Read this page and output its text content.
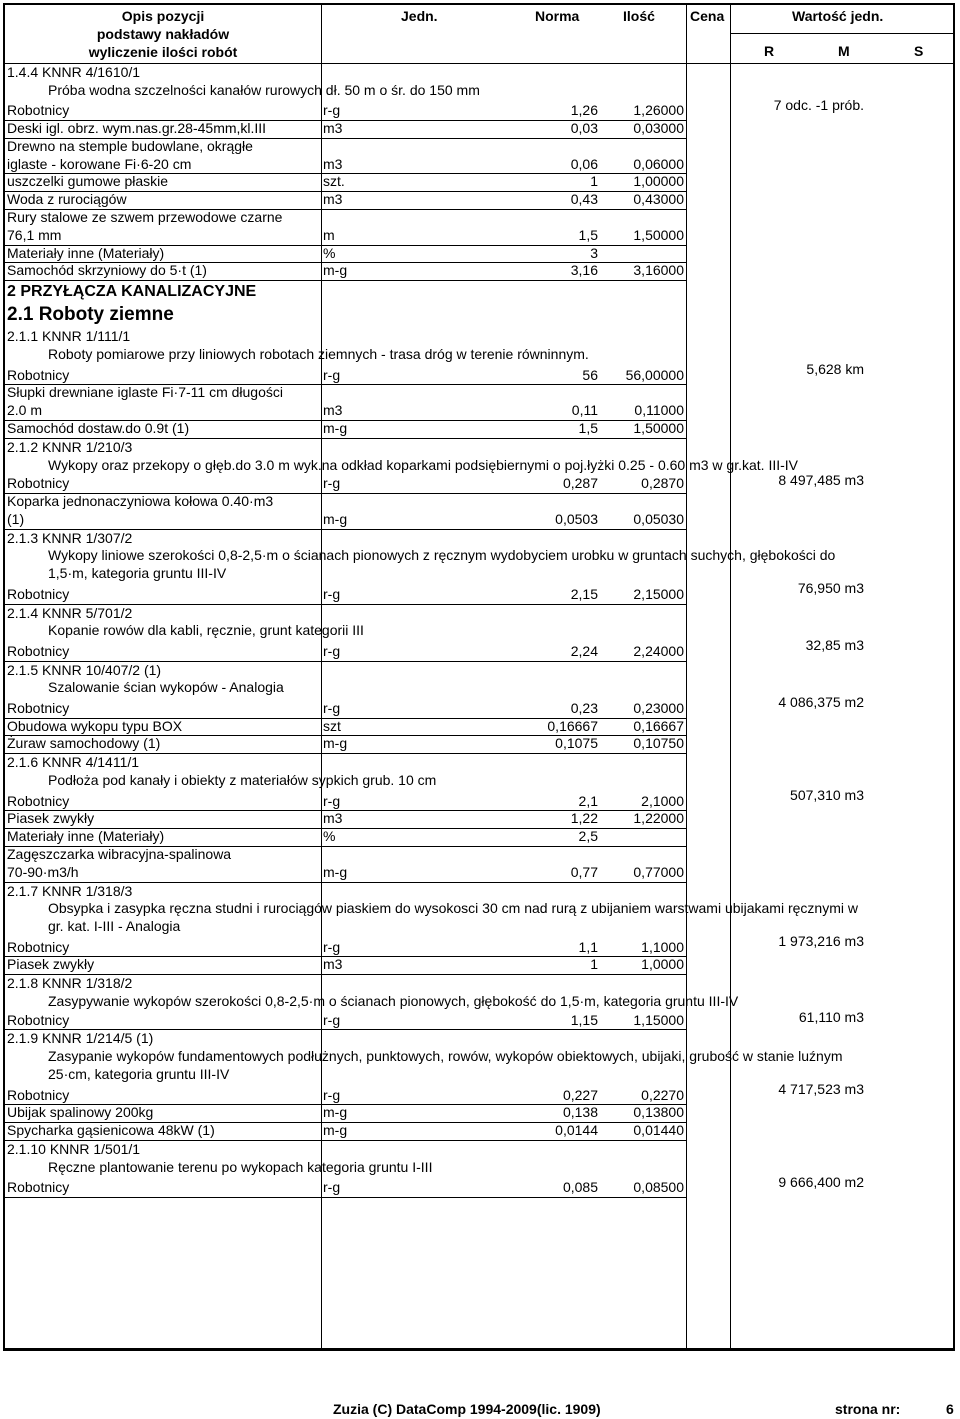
Opis pozycji
podstawy nakładów
wyliczenie ilości robót
Jedn.	Norma	Ilość	Cena	Wartość jedn.
R	M	S
1.4.4 KNNR 4/1610/1
Próba wodna szczelności kanałów rurowych dł. 50 m o śr. do 150 mm
7 odc. -1 prób.
Robotnicy	r-g	1,26	1,26000
Deski igl. obrz. wym.nas.gr.28-45mm,kl.III	m3	0,03	0,03000
Drewno na stemple budowlane, okrągłe
iglaste - korowane Fi·6-20 cm	m3	0,06	0,06000
uszczelki gumowe płaskie	szt.	1	1,00000
Woda z rurociągów	m3	0,43	0,43000
Rury stalowe ze szwem przewodowe czarne
76,1 mm	m	1,5	1,50000
Materiały inne (Materiały)	%	3
Samochód skrzyniowy do 5·t (1)	m-g	3,16	3,16000
2 PRZYŁĄCZA KANALIZACYJNE
2.1 Roboty ziemne
2.1.1 KNNR 1/111/1
Roboty pomiarowe przy liniowych robotach ziemnych - trasa dróg w terenie równinnym.
5,628 km
Robotnicy	r-g	56	56,00000
Słupki drewniane iglaste Fi·7-11 cm długości
2.0 m	m3	0,11	0,11000
Samochód dostaw.do 0.9t (1)	m-g	1,5	1,50000
2.1.2 KNNR 1/210/3
Wykopy oraz przekopy o głęb.do 3.0 m wyk.na odkład koparkami podsiębiernymi o poj.łyżki 0.25 - 0.60 m3 w gr.kat. III-IV
8 497,485 m3
Robotnicy	r-g	0,287	0,2870
Koparka jednonaczyniowa kołowa 0.40·m3
(1)	m-g	0,0503	0,05030
2.1.3 KNNR 1/307/2
Wykopy liniowe szerokości 0,8-2,5·m o ścianach pionowych z ręcznym wydobyciem urobku w gruntach suchych, głębokości do
1,5·m, kategoria gruntu III-IV
76,950 m3
Robotnicy	r-g	2,15	2,15000
2.1.4 KNNR 5/701/2
Kopanie rowów dla kabli, ręcznie, grunt kategorii III
32,85 m3
Robotnicy	r-g	2,24	2,24000
2.1.5 KNNR 10/407/2 (1)
Szalowanie ścian wykopów - Analogia
4 086,375 m2
Robotnicy	r-g	0,23	0,23000
Obudowa wykopu typu BOX	szt	0,16667	0,16667
Żuraw samochodowy (1)	m-g	0,1075	0,10750
2.1.6 KNNR 4/1411/1
Podłoża pod kanały i obiekty z materiałów sypkich grub. 10 cm
507,310 m3
Robotnicy	r-g	2,1	2,1000
Piasek zwykły	m3	1,22	1,22000
Materiały inne (Materiały)	%	2,5
Zagęszczarka wibracyjna-spalinowa
70-90·m3/h	m-g	0,77	0,77000
2.1.7 KNNR 1/318/3
Obsypka i zasypka ręczna studni i rurociągów piaskiem do wysokosci 30 cm nad rurą z ubijaniem warstwami ubijakami ręcznymi w
gr. kat. I-III - Analogia
1 973,216 m3
Robotnicy	r-g	1,1	1,1000
Piasek zwykły	m3	1	1,0000
2.1.8 KNNR 1/318/2
Zasypywanie wykopów szerokości 0,8-2,5·m o ścianach pionowych, głębokość do 1,5·m, kategoria gruntu III-IV
61,110 m3
Robotnicy	r-g	1,15	1,15000
2.1.9 KNNR 1/214/5 (1)
Zasypanie wykopów fundamentowych podłużnych, punktowych, rowów, wykopów obiektowych, ubijaki, grubość w stanie luźnym
25·cm, kategoria gruntu III-IV
4 717,523 m3
Robotnicy	r-g	0,227	0,2270
Ubijak spalinowy 200kg	m-g	0,138	0,13800
Spycharka gąsienicowa 48kW (1)	m-g	0,0144	0,01440
2.1.10 KNNR 1/501/1
Ręczne plantowanie terenu po wykopach kategoria gruntu I-III
9 666,400 m2
Robotnicy	r-g	0,085	0,08500
Zuzia (C) DataComp 1994-2009(lic. 1909)	strona nr:	6
